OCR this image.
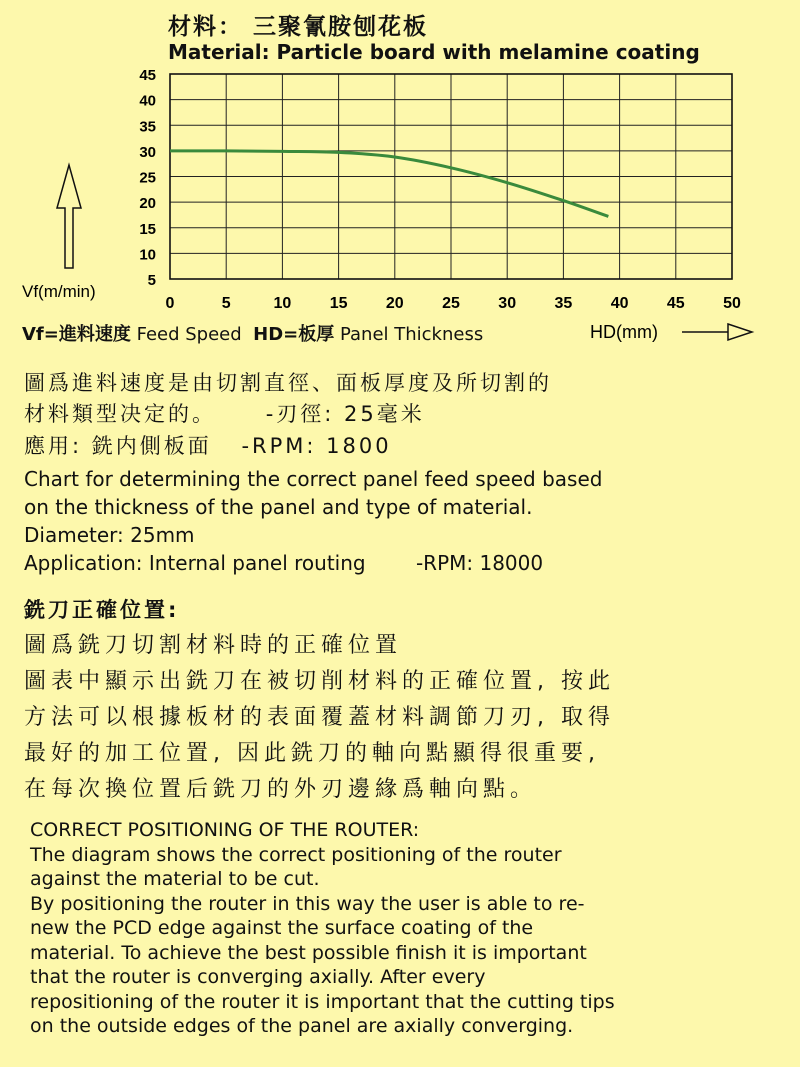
材料： 三聚氰胺刨花板
Material: Particle board with melamine coating
45
40
35
30
25
20
15
10
5
0	5	10 15 20 25 30 35 40 45 50
Vf(m/min)
HD(mm)
Vf=進料速度 Feed Speed HD=板厚 Panel Thickness
圖爲進料速度是由切割直徑、面板厚度及所切割的
材料類型决定的。 -刃徑: 25毫米
應用: 銑内側板面 -RPM: 1800
Chart for determining the correct panel feed speed based
on the thickness of the panel and type of material.
Diameter: 25mm
Application: Internal panel routing	-RPM: 18000
銑刀正確位置:
圖爲銑刀切割材料時的正確位置
圖表中顯示出銑刀在被切削材料的正確位置, 按此
方法可以根據板材的表面覆蓋材料調節刀刃, 取得
最好的加工位置, 因此銑刀的軸向點顯得很重要,
在每次換位置后銑刀的外刃邊緣爲軸向點。
CORRECT POSITIONING OF THE ROUTER:
The diagram shows the correct positioning of the router
against the material to be cut.
By positioning the router in this way the user is able to re-
new the PCD edge against the surface coating of the
material. To achieve the best possible finish it is important
that the router is converging axially. After every
repositioning of the router it is important that the cutting tips
on the outside edges of the panel are axially converging.
